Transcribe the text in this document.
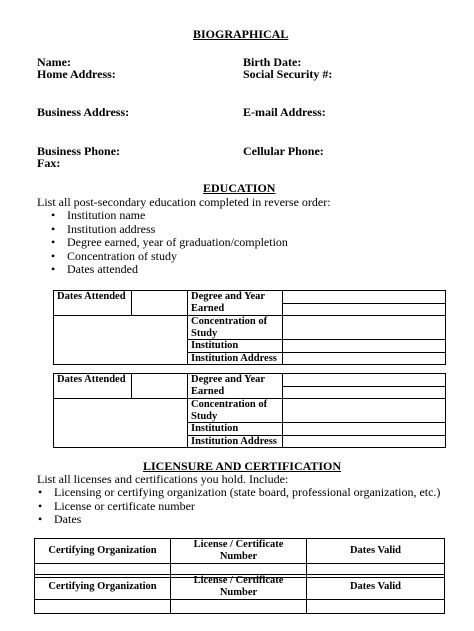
BIOGRAPHICAL
Name:	Birth Date:
Home Address:	Social Security #:
Business Address:	E-mail Address:
Business Phone:	Cellular Phone:
Fax:
EDUCATION
List all post-secondary education completed in reverse order:
• Institution name
• Institution address
• Degree earned, year of graduation/completion
• Concentration of study
• Dates attended
Dates Attended		Degree and Year Earned	

		Concentration of Study	

		Institution	
		Institution Address	
Dates Attended		Degree and Year Earned	

		Concentration of Study	

		Institution	
		Institution Address	
LICENSURE AND CERTIFICATION
List all licenses and certifications you hold. Include:
• Licensing or certifying organization (state board, professional organization, etc.)
• License or certificate number
• Dates
Certifying Organization	License / Certificate Number	Dates Valid

Certifying Organization	License / Certificate Number	Dates Valid
